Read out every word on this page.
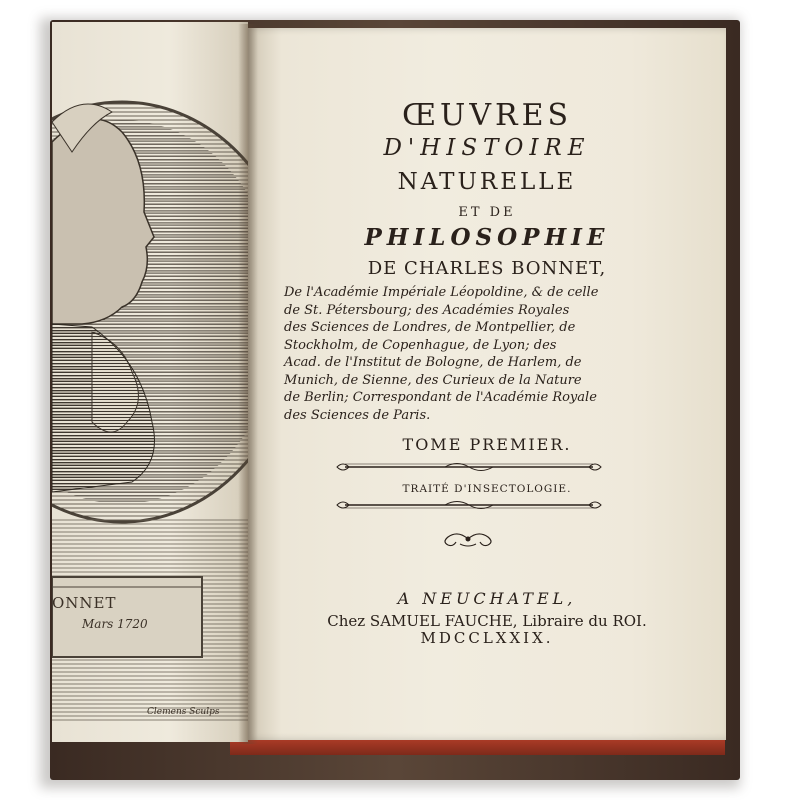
ONNET
Mars 1720
Clemens Sculps
ŒUVRES
D'HISTOIRE
NATURELLE
ET DE
PHILOSOPHIE
DE CHARLES BONNET,
De l'Académie Impériale Léopoldine, & de celle
de St. Pétersbourg; des Académies Royales
des Sciences de Londres, de Montpellier, de
Stockholm, de Copenhague, de Lyon; des
Acad. de l'Institut de Bologne, de Harlem, de
Munich, de Sienne, des Curieux de la Nature
de Berlin; Correspondant de l'Académie Royale
des Sciences de Paris.
TOME PREMIER.
TRAITÉ D'INSECTOLOGIE.
A NEUCHATEL,
Chez SAMUEL FAUCHE, Libraire du ROI.
MDCCLXXIX.
